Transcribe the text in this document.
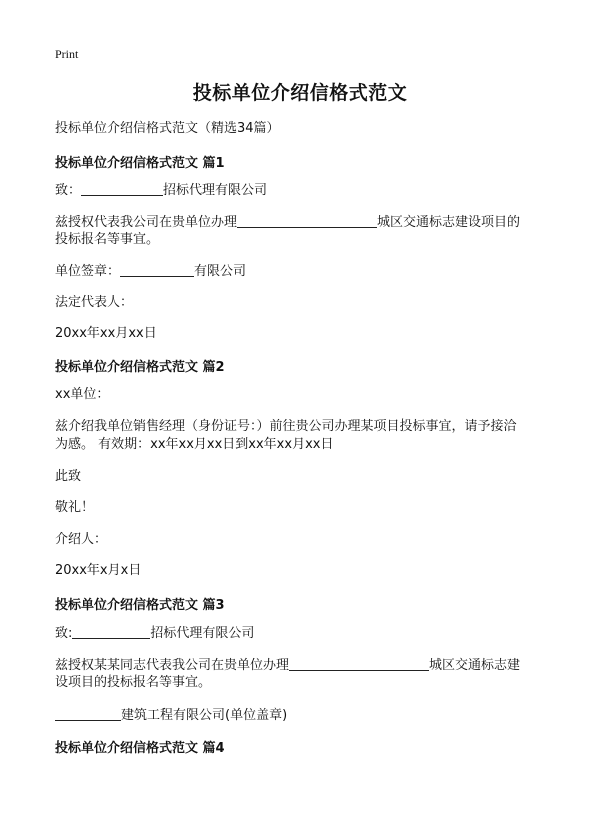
Print
投标单位介绍信格式范文
投标单位介绍信格式范文（精选34篇）
投标单位介绍信格式范文 篇1
致：	招标代理有限公司
兹授权代表我公司在贵单位办理	城区交通标志建设项目的
投标报名等事宜。
单位签章：	有限公司
法定代表人：
20xx年xx月xx日
投标单位介绍信格式范文 篇2
xx单位：
兹介绍我单位销售经理（身份证号：）前往贵公司办理某项目投标事宜，请予接洽
为感。 有效期：xx年xx月xx日到xx年xx月xx日
此致
敬礼！
介绍人：
20xx年x月x日
投标单位介绍信格式范文 篇3
致:	招标代理有限公司
兹授权某某同志代表我公司在贵单位办理	城区交通标志建
设项目的投标报名等事宜。
建筑工程有限公司(单位盖章)
投标单位介绍信格式范文 篇4
